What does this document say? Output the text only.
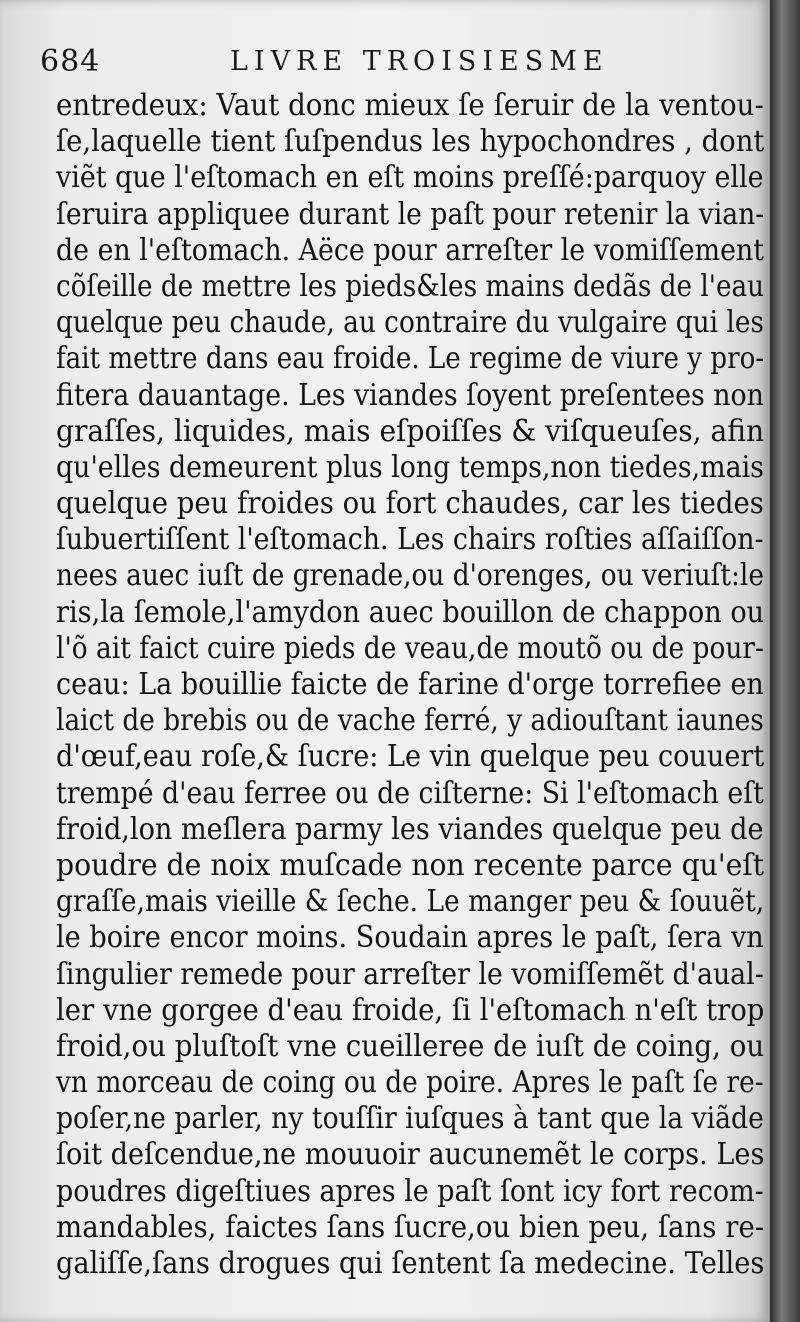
684	LIVRE TROISIESME
entredeux: Vaut donc mieux ſe ſeruir de la ventou-
ſe,laquelle tient ſuſpendus les hypochondres , dont
viẽt que l'eſtomach en eſt moins preſſé:parquoy elle
ſeruira appliquee durant le paſt pour retenir la vian-
de en l'eſtomach. Aëce pour arreſter le vomiſſement
cõſeille de mettre les pieds&les mains dedãs de l'eau
quelque peu chaude, au contraire du vulgaire qui les
fait mettre dans eau froide. Le regime de viure y pro-
fitera dauantage. Les viandes ſoyent preſentees non
graſſes, liquides, mais eſpoiſſes & viſqueuſes, afin
qu'elles demeurent plus long temps,non tiedes,mais
quelque peu froides ou fort chaudes, car les tiedes
ſubuertiſſent l'eſtomach. Les chairs roſties aſſaiſſon-
nees auec iuſt de grenade,ou d'orenges, ou veriuſt:le
ris,la ſemole,l'amydon auec bouillon de chappon ou
l'õ ait faict cuire pieds de veau,de moutõ ou de pour-
ceau: La bouillie faicte de farine d'orge torrefiee en
laict de brebis ou de vache ferré, y adiouſtant iaunes
d'œuf,eau roſe,& ſucre: Le vin quelque peu couuert
trempé d'eau ferree ou de ciſterne: Si l'eſtomach eſt
froid,lon meſlera parmy les viandes quelque peu de
poudre de noix muſcade non recente parce qu'eſt
graſſe,mais vieille & ſeche. Le manger peu & ſouuẽt,
le boire encor moins. Soudain apres le paſt, ſera vn
ſingulier remede pour arreſter le vomiſſemẽt d'aual-
ler vne gorgee d'eau froide, ſi l'eſtomach n'eſt trop
froid,ou pluſtoſt vne cueilleree de iuſt de coing, ou
vn morceau de coing ou de poire. Apres le paſt ſe re-
poſer,ne parler, ny touſſir iuſques à tant que la viãde
ſoit deſcendue,ne mouuoir aucunemẽt le corps. Les
poudres digeſtiues apres le paſt ſont icy fort recom-
mandables, faictes ſans ſucre,ou bien peu, ſans re-
galiſſe,ſans drogues qui ſentent ſa medecine. Telles
